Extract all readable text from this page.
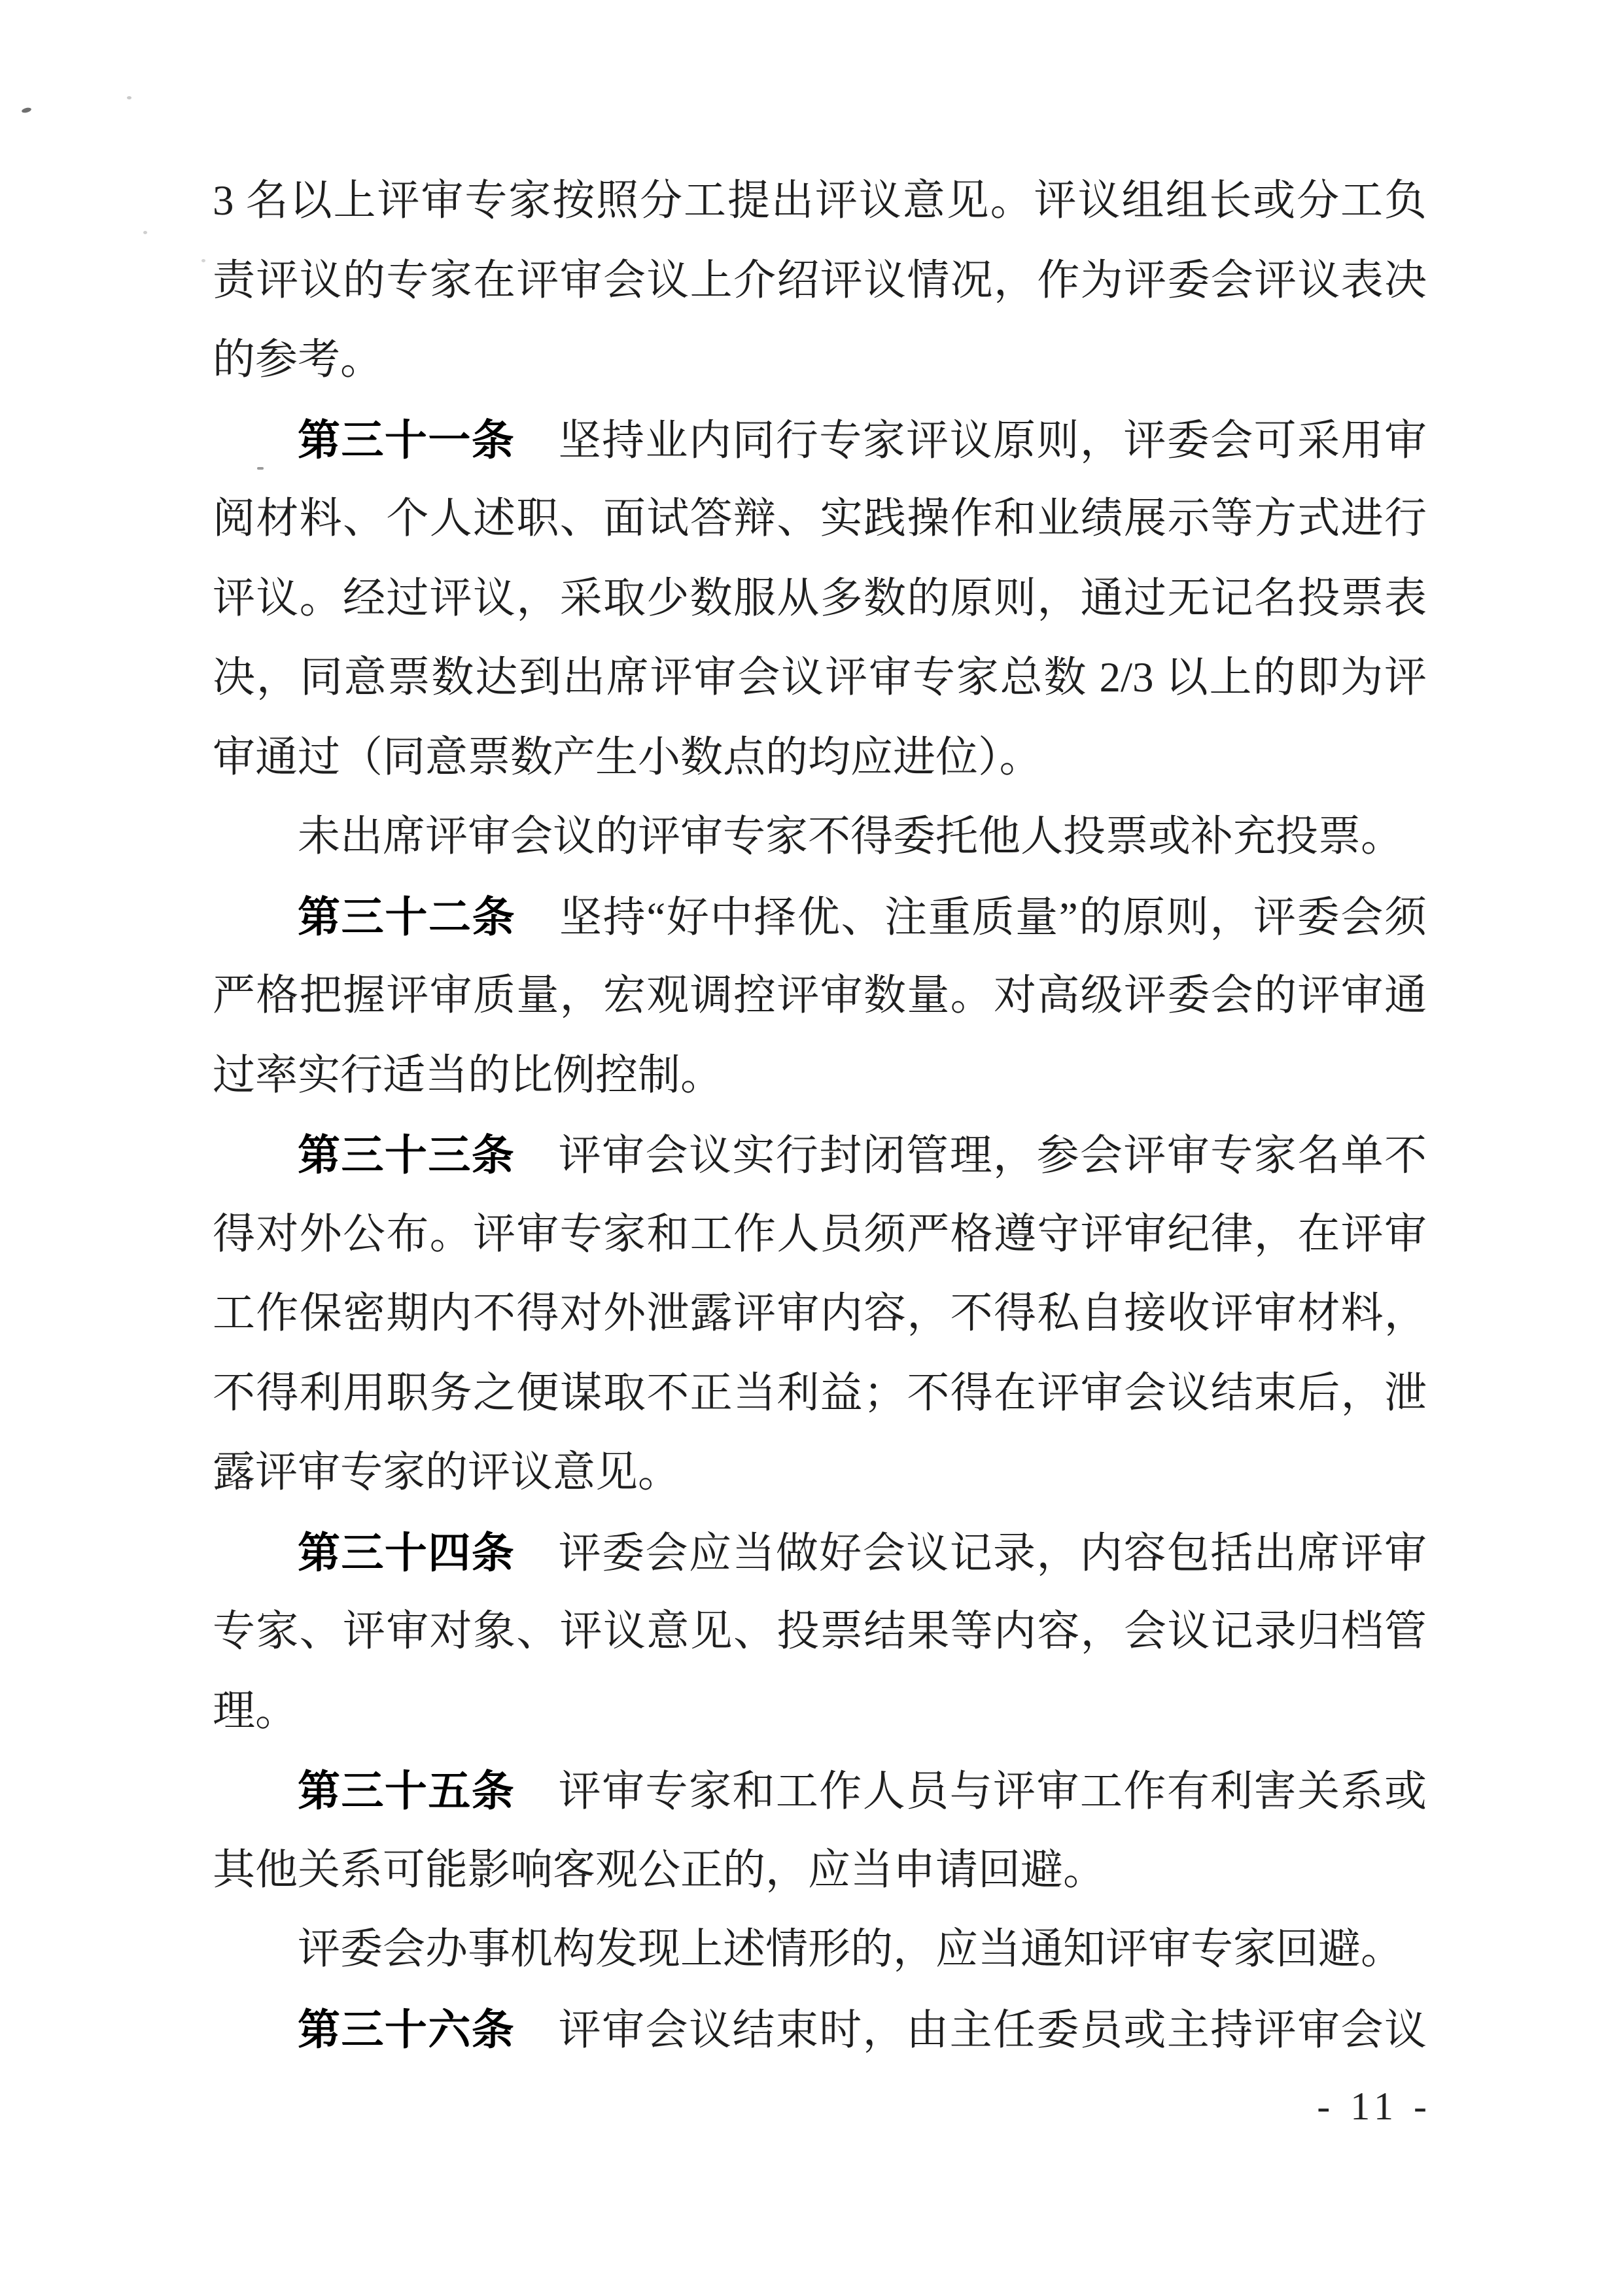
3 名以上评审专家按照分工提出评议意见。评议组组长或分工负
责评议的专家在评审会议上介绍评议情况，作为评委会评议表决
的参考。
第三十一条　坚持业内同行专家评议原则，评委会可采用审
阅材料、个人述职、面试答辩、实践操作和业绩展示等方式进行
评议。经过评议，采取少数服从多数的原则，通过无记名投票表
决，同意票数达到出席评审会议评审专家总数 2/3 以上的即为评
审通过（同意票数产生小数点的均应进位）。
未出席评审会议的评审专家不得委托他人投票或补充投票。
第三十二条　坚持“好中择优、注重质量”的原则，评委会须
严格把握评审质量，宏观调控评审数量。对高级评委会的评审通
过率实行适当的比例控制。
第三十三条　评审会议实行封闭管理，参会评审专家名单不
得对外公布。评审专家和工作人员须严格遵守评审纪律，在评审
工作保密期内不得对外泄露评审内容，不得私自接收评审材料，
不得利用职务之便谋取不正当利益；不得在评审会议结束后，泄
露评审专家的评议意见。
第三十四条　评委会应当做好会议记录，内容包括出席评审
专家、评审对象、评议意见、投票结果等内容，会议记录归档管
理。
第三十五条　评审专家和工作人员与评审工作有利害关系或
其他关系可能影响客观公正的，应当申请回避。
评委会办事机构发现上述情形的，应当通知评审专家回避。
第三十六条　评审会议结束时，由主任委员或主持评审会议
- 11 -
